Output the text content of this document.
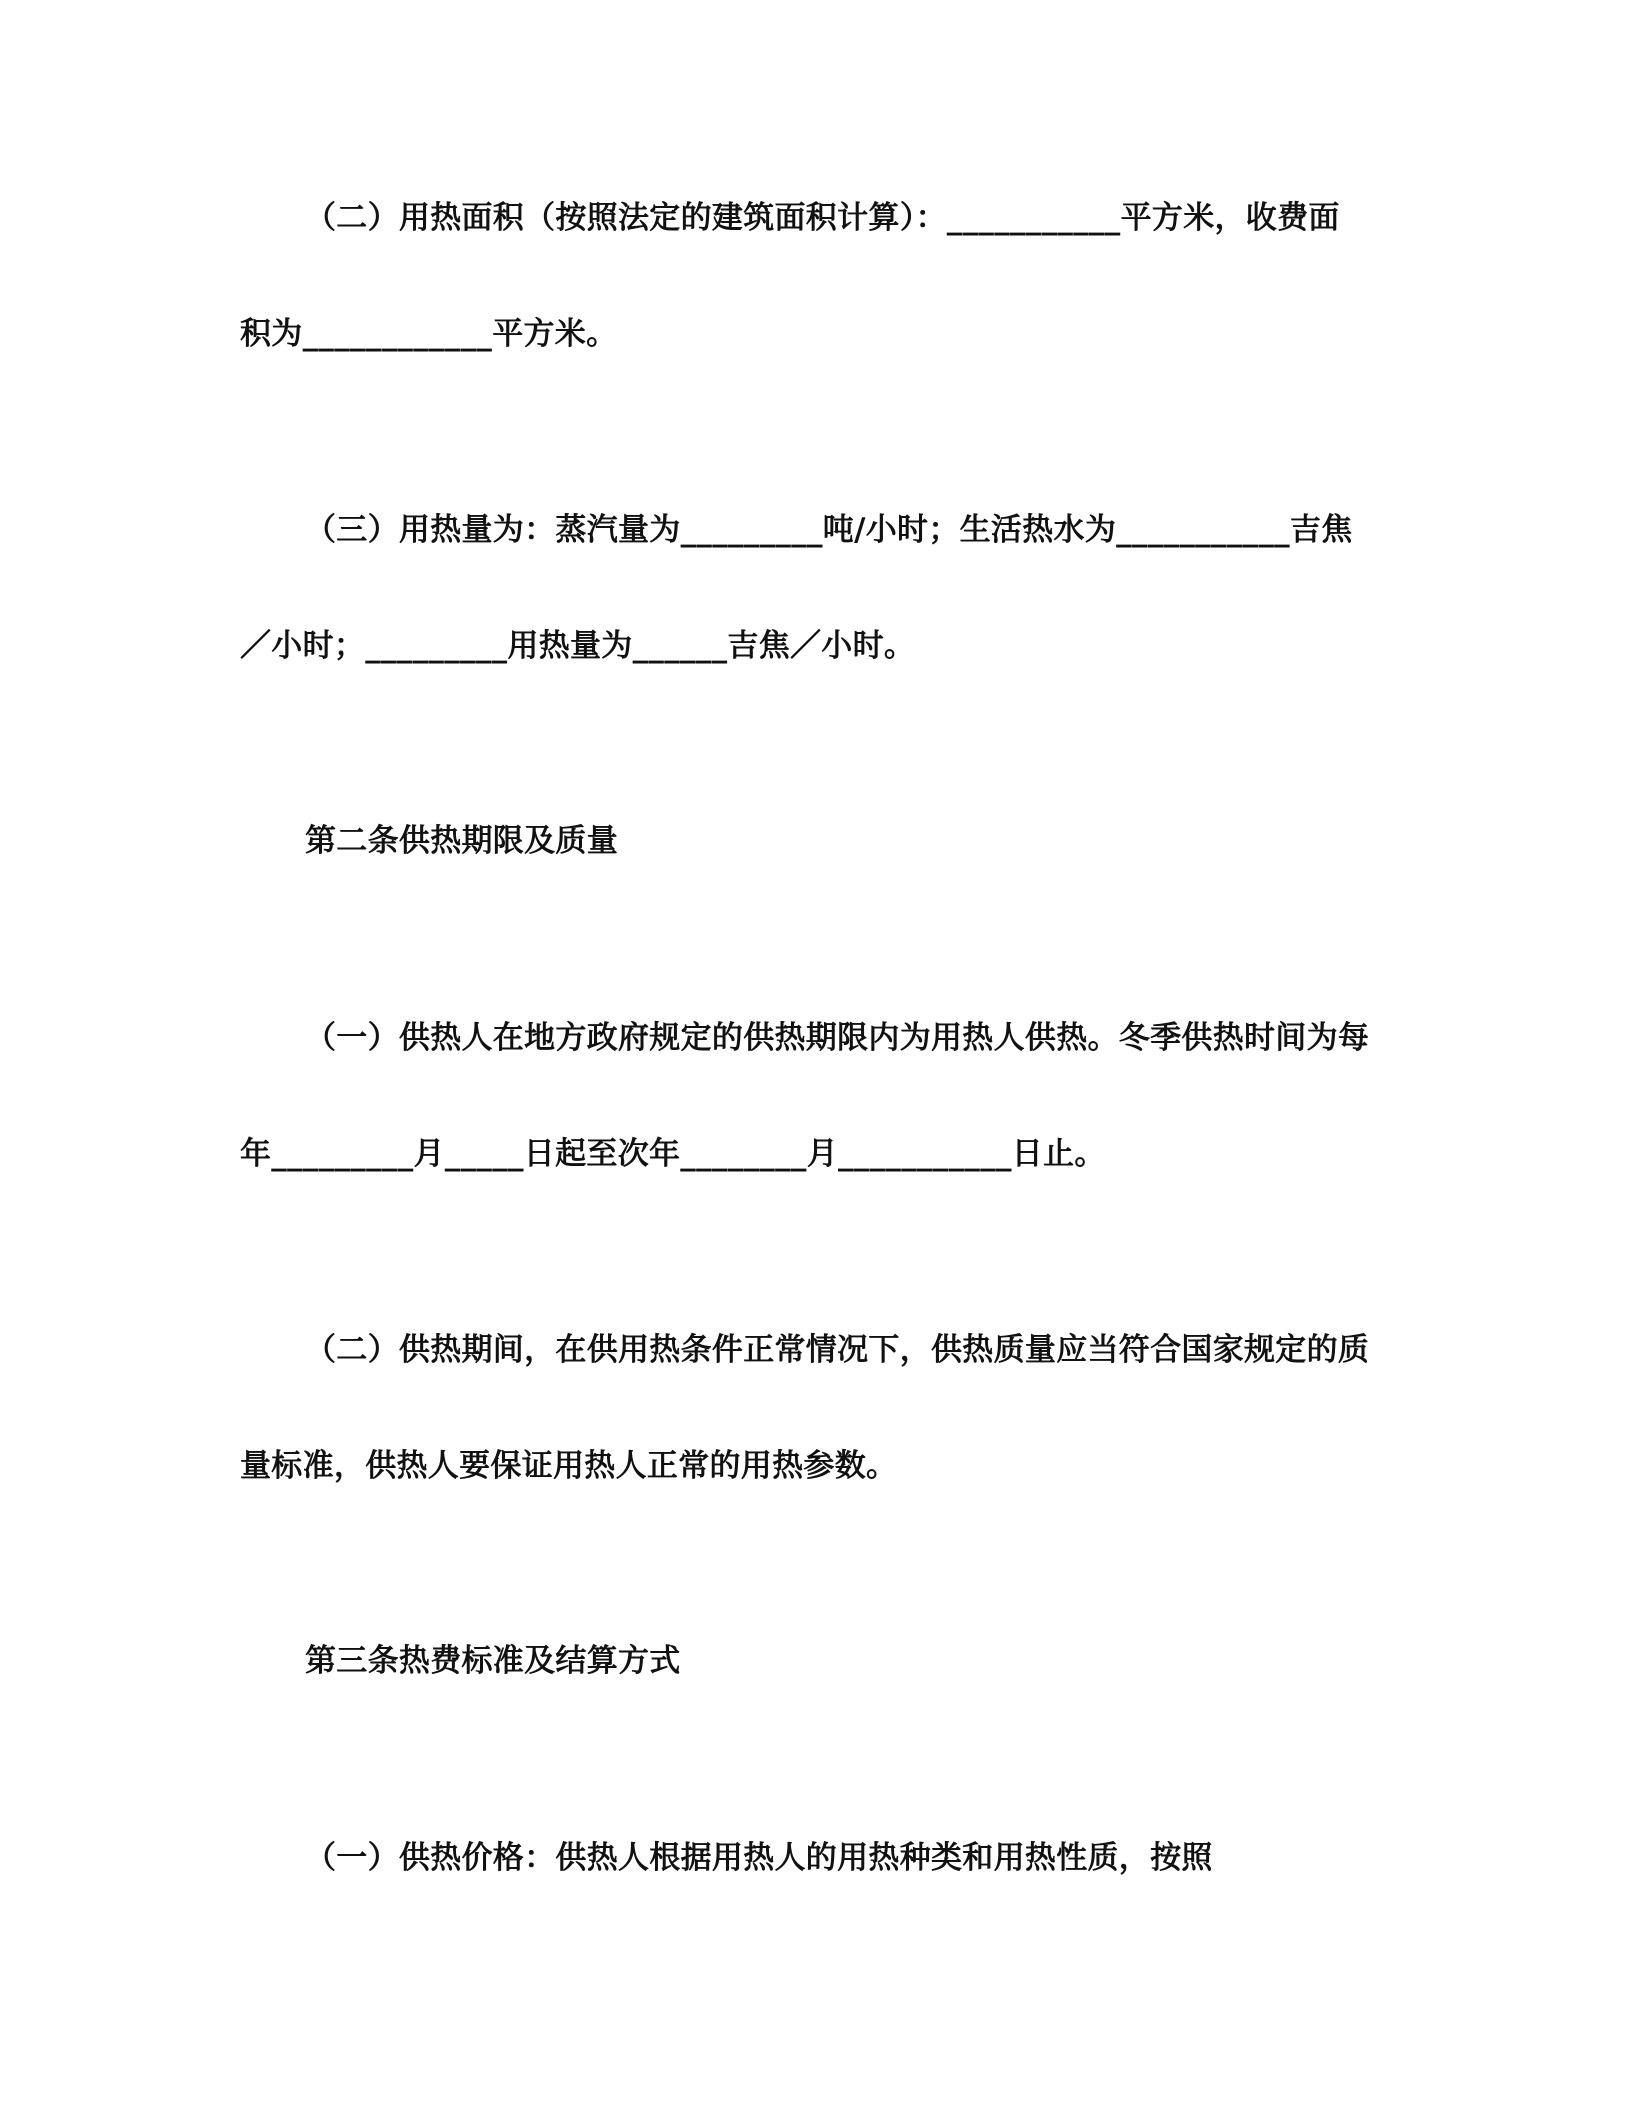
（二）用热面积（按照法定的建筑面积计算）：___________平方米，收费面
积为____________平方米。
（三）用热量为：蒸汽量为_________吨/小时；生活热水为___________吉焦
／小时；_________用热量为______吉焦／小时。
第二条供热期限及质量
（一）供热人在地方政府规定的供热期限内为用热人供热。冬季供热时间为每
年_________月_____日起至次年________月___________日止。
（二）供热期间，在供用热条件正常情况下，供热质量应当符合国家规定的质
量标准，供热人要保证用热人正常的用热参数。
第三条热费标准及结算方式
（一）供热价格：供热人根据用热人的用热种类和用热性质，按照
